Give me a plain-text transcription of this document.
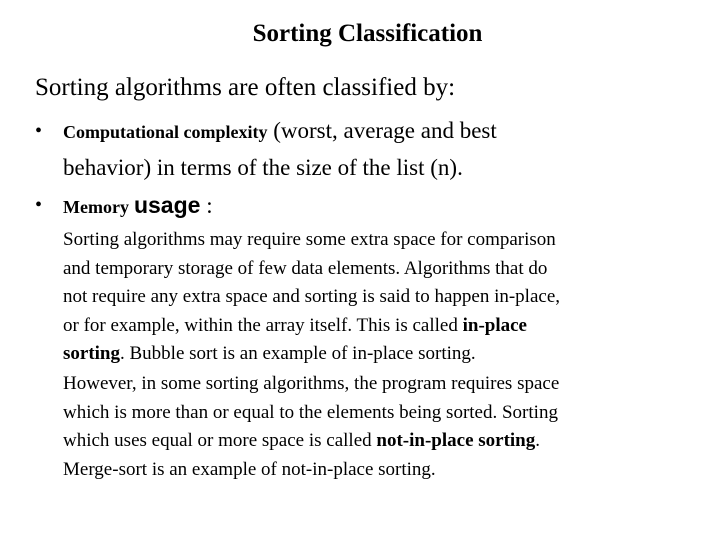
Sorting Classification
Sorting algorithms are often classified by:
• Computational complexity (worst, average and best
behavior) in terms of the size of the list (n).
• Memory usage :
Sorting algorithms may require some extra space for comparison
and temporary storage of few data elements. Algorithms that do
not require any extra space and sorting is said to happen in-place,
or for example, within the array itself. This is called in-place
sorting. Bubble sort is an example of in-place sorting.
However, in some sorting algorithms, the program requires space
which is more than or equal to the elements being sorted. Sorting
which uses equal or more space is called not-in-place sorting.
Merge-sort is an example of not-in-place sorting.
